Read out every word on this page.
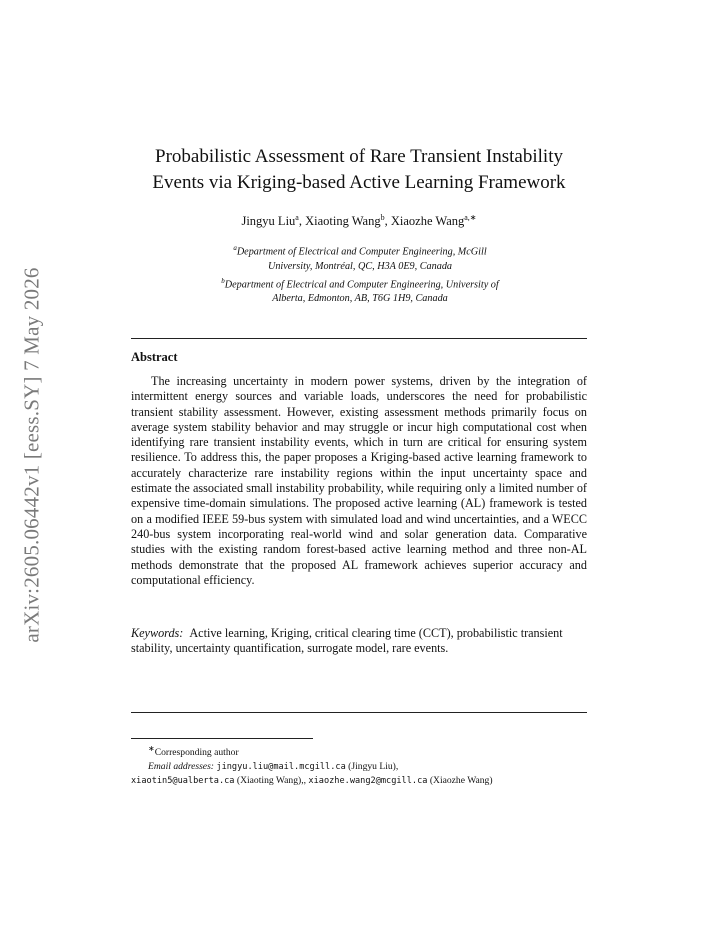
arXiv:2605.06442v1 [eess.SY] 7 May 2026
Probabilistic Assessment of Rare Transient Instability
Events via Kriging-based Active Learning Framework
Jingyu Liu$^a$, Xiaoting Wang$^b$, Xiaozhe Wang$^{a,∗}$
$^a$Department of Electrical and Computer Engineering, McGill
University, Montréal, QC, H3A 0E9, Canada
$^b$Department of Electrical and Computer Engineering, University of
Alberta, Edmonton, AB, T6G 1H9, Canada
Abstract
The increasing uncertainty in modern power systems, driven by the integration of intermittent energy sources and variable loads, underscores the need for probabilistic transient stability assessment. However, existing assessment methods primarily focus on average system stability behavior and may struggle or incur high computational cost when identifying rare transient instability events, which in turn are critical for ensuring system resilience. To address this, the paper proposes a Kriging-based active learning framework to accurately characterize rare instability regions within the input uncertainty space and estimate the associated small instability probability, while requiring only a limited number of expensive time-domain simulations. The proposed active learning (AL) framework is tested on a modified IEEE 59-bus system with simulated load and wind uncertainties, and a WECC 240-bus system incorporating real-world wind and solar generation data. Comparative studies with the existing random forest-based active learning method and three non-AL methods demonstrate that the proposed AL framework achieves superior accuracy and computational efficiency.
Keywords: Active learning, Kriging, critical clearing time (CCT), probabilistic transient stability, uncertainty quantification, surrogate model, rare events.
∗Corresponding author
Email addresses: jingyu.liu@mail.mcgill.ca (Jingyu Liu),
xiaotin5@ualberta.ca (Xiaoting Wang),, xiaozhe.wang2@mcgill.ca (Xiaozhe Wang)
